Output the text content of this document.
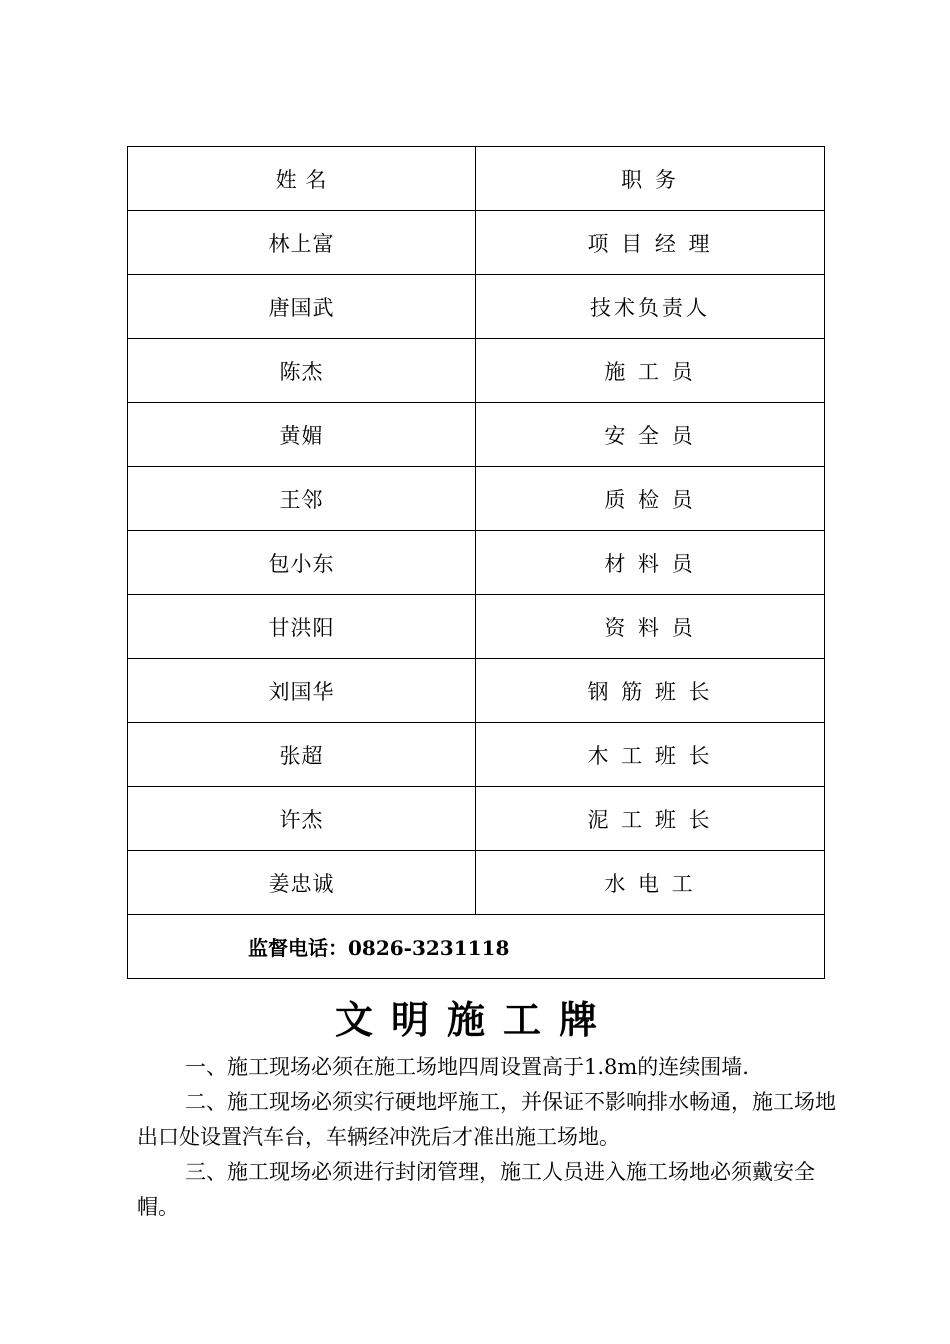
姓 名	职 务
林上富	项 目 经 理
唐国武	技术负责人
陈杰	施 工 员
黄媚	安 全 员
王邻	质 检 员
包小东	材 料 员
甘洪阳	资 料 员
刘国华	钢 筋 班 长
张超	木 工 班 长
许杰	泥 工 班 长
姜忠诚	水 电 工
监督电话：0826-3231118	
文明施工牌

一、施工现场必须在施工场地四周设置高于1.8m的连续围墙.

二、施工现场必须实行硬地坪施工，并保证不影响排水畅通，施工场地出口处设置汽车台，车辆经冲洗后才准出施工场地。

三、施工现场必须进行封闭管理，施工人员进入施工场地必须戴安全帽。
